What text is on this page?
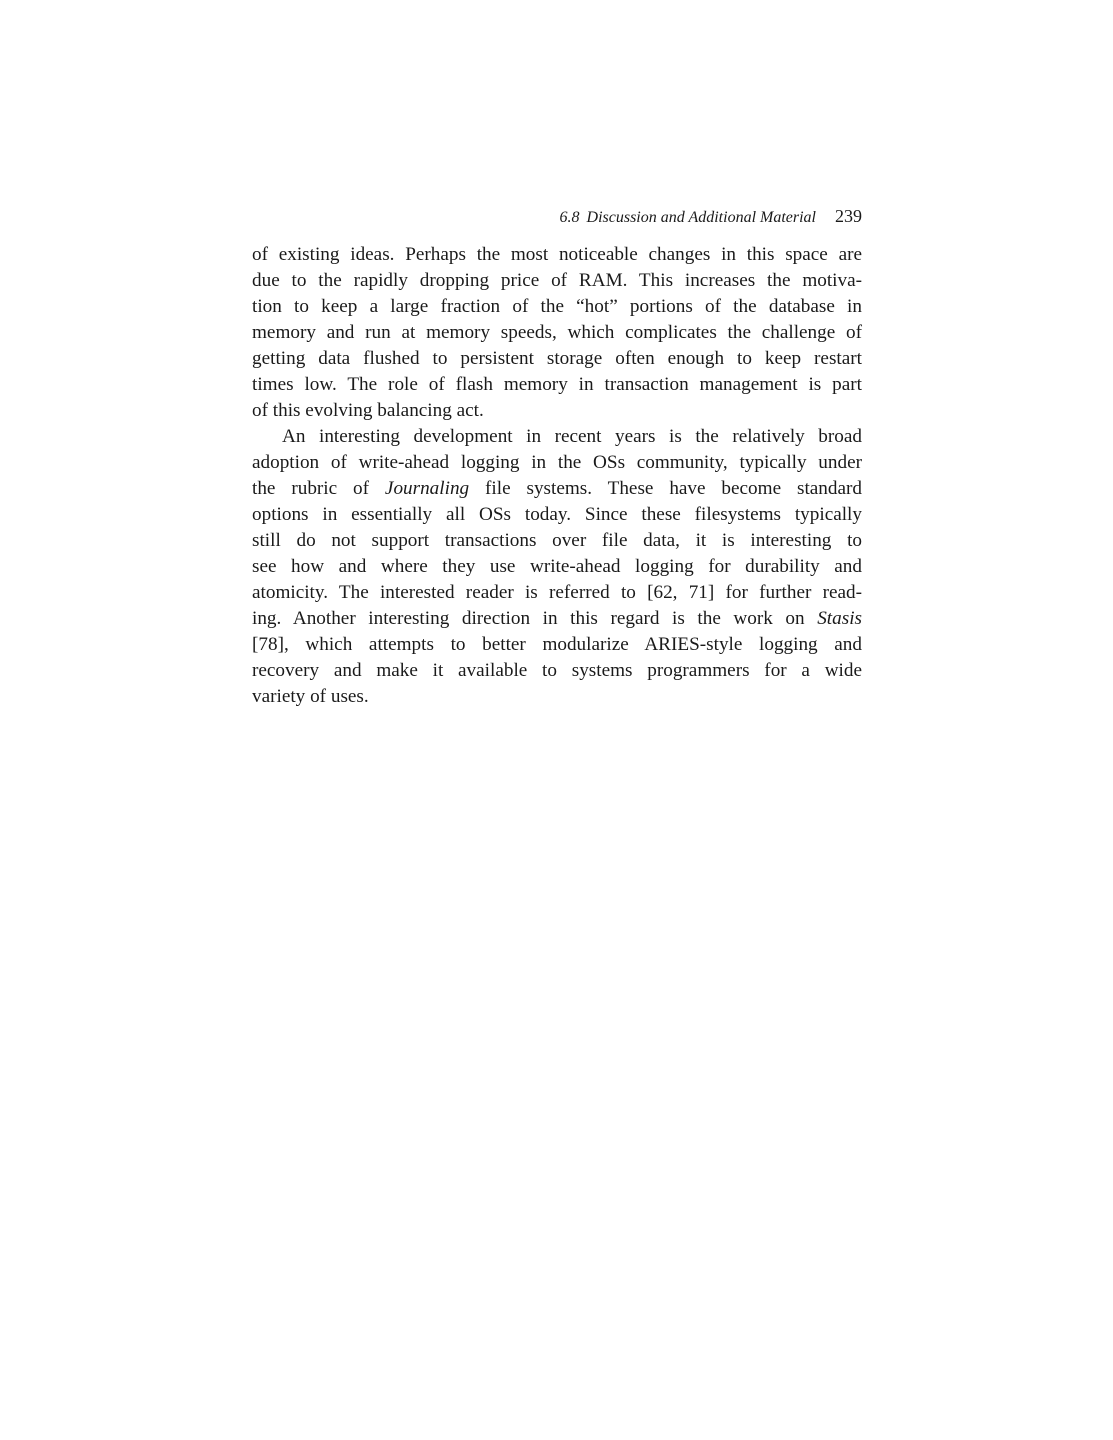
6.8 Discussion and Additional Material 239
of existing ideas. Perhaps the most noticeable changes in this space are
due to the rapidly dropping price of RAM. This increases the motiva-
tion to keep a large fraction of the “hot” portions of the database in
memory and run at memory speeds, which complicates the challenge of
getting data flushed to persistent storage often enough to keep restart
times low. The role of flash memory in transaction management is part
of this evolving balancing act.
An interesting development in recent years is the relatively broad
adoption of write-ahead logging in the OSs community, typically under
the rubric of Journaling file systems. These have become standard
options in essentially all OSs today. Since these filesystems typically
still do not support transactions over file data, it is interesting to
see how and where they use write-ahead logging for durability and
atomicity. The interested reader is referred to [62, 71] for further read-
ing. Another interesting direction in this regard is the work on Stasis
[78], which attempts to better modularize ARIES-style logging and
recovery and make it available to systems programmers for a wide
variety of uses.
